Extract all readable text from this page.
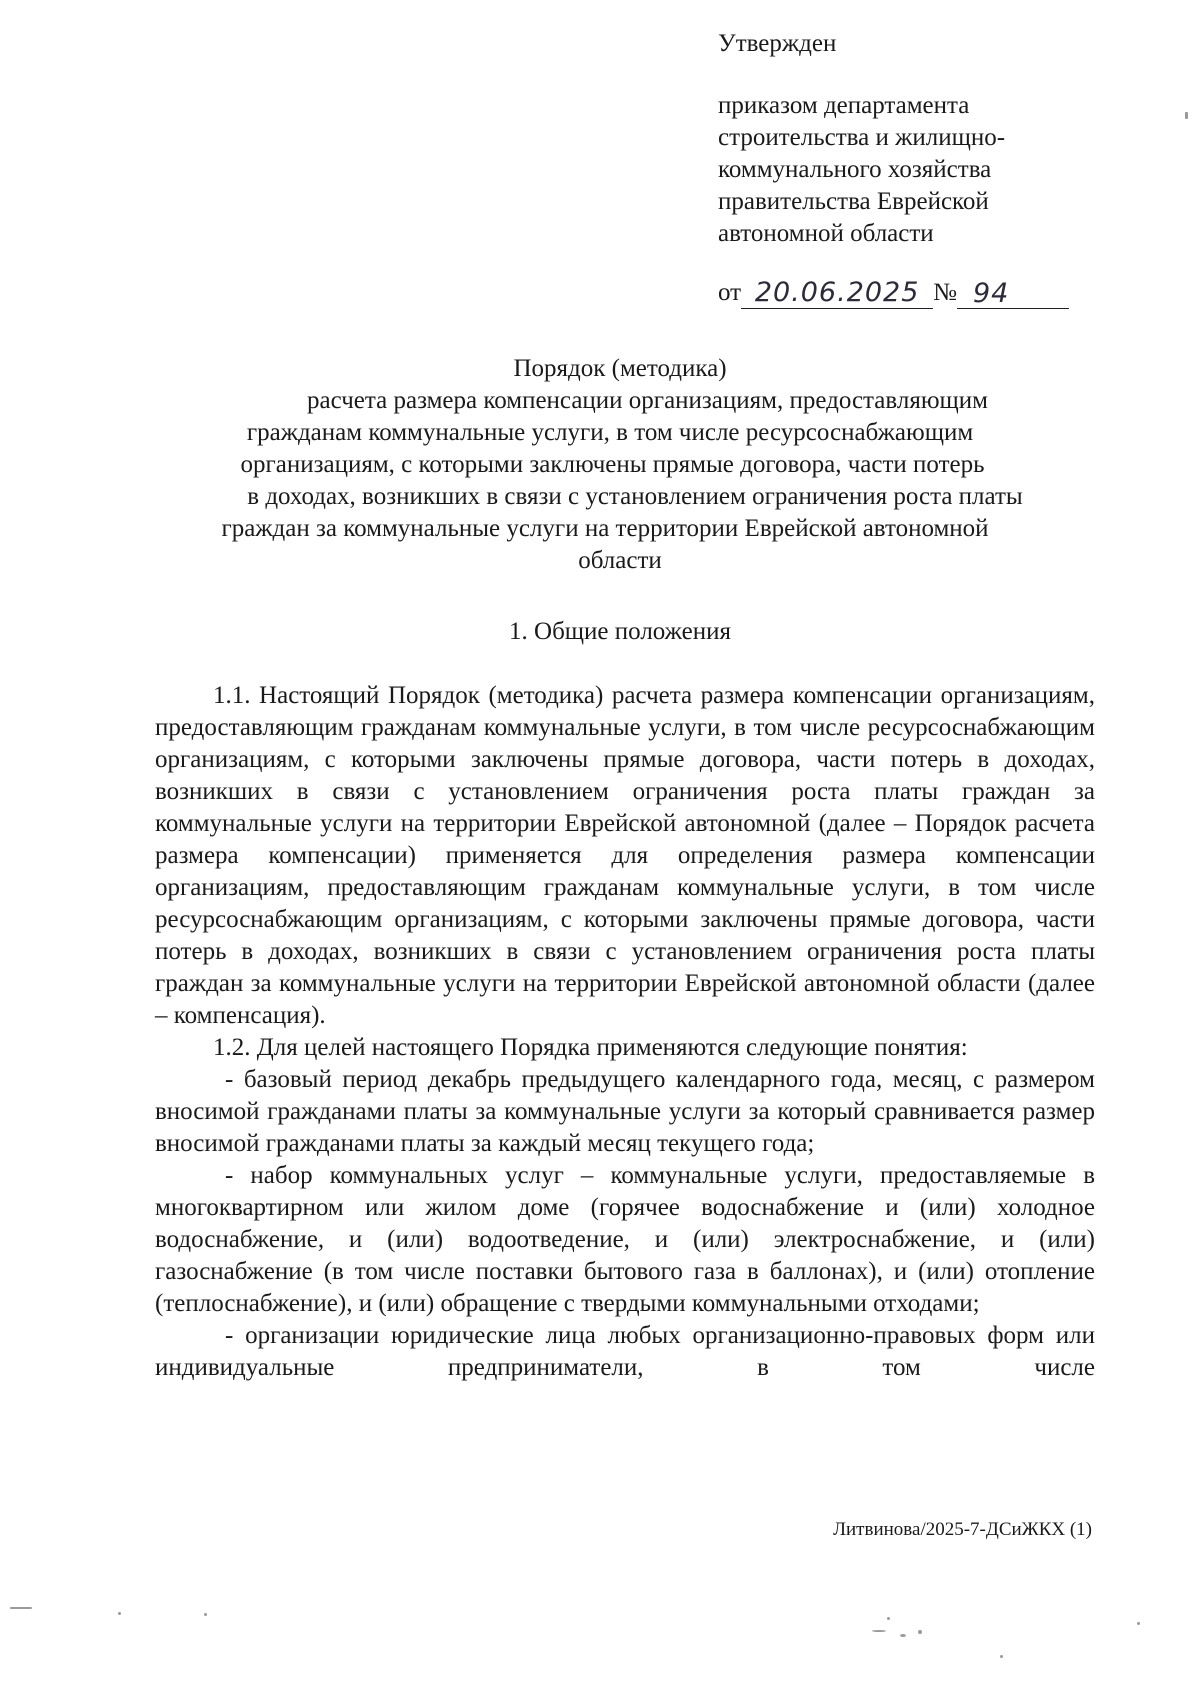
Утвержден
приказом департамента
строительства и жилищно-
коммунального хозяйства
правительства Еврейской
автономной области
от 20.06.2025 № 94
Порядок (методика)
расчета размера компенсации организациям, предоставляющим
гражданам коммунальные услуги, в том числе ресурсоснабжающим
организациям, с которыми заключены прямые договора, части потерь
в доходах, возникших в связи с установлением ограничения роста платы
граждан за коммунальные услуги на территории Еврейской автономной
области
1. Общие положения

1.1. Настоящий Порядок (методика) расчета размера компенсации организациям, предоставляющим гражданам коммунальные услуги, в том числе ресурсоснабжающим организациям, с которыми заключены прямые договора, части потерь в доходах, возникших в связи с установлением ограничения роста платы граждан за коммунальные услуги на территории Еврейской автономной (далее – Порядок расчета размера компенсации) применяется для определения размера компенсации организациям, предоставляющим гражданам коммунальные услуги, в том числе ресурсоснабжающим организациям, с которыми заключены прямые договора, части потерь в доходах, возникших в связи с установлением ограничения роста платы граждан за коммунальные услуги на территории Еврейской автономной области (далее – компенсация).

1.2. Для целей настоящего Порядка применяются следующие понятия:

- базовый период декабрь предыдущего календарного года, месяц, с размером вносимой гражданами платы за коммунальные услуги за который сравнивается размер вносимой гражданами платы за каждый месяц текущего года;

- набор коммунальных услуг – коммунальные услуги, предоставляемые в многоквартирном или жилом доме (горячее водоснабжение и (или) холодное водоснабжение, и (или) водоотведение, и (или) электроснабжение, и (или) газоснабжение (в том числе поставки бытового газа в баллонах), и (или) отопление (теплоснабжение), и (или) обращение с твердыми коммунальными отходами;

- организации юридические лица любых организационно-правовых форм или индивидуальные предприниматели, в том числе

Литвинова/2025-7-ДСиЖКХ (1)
